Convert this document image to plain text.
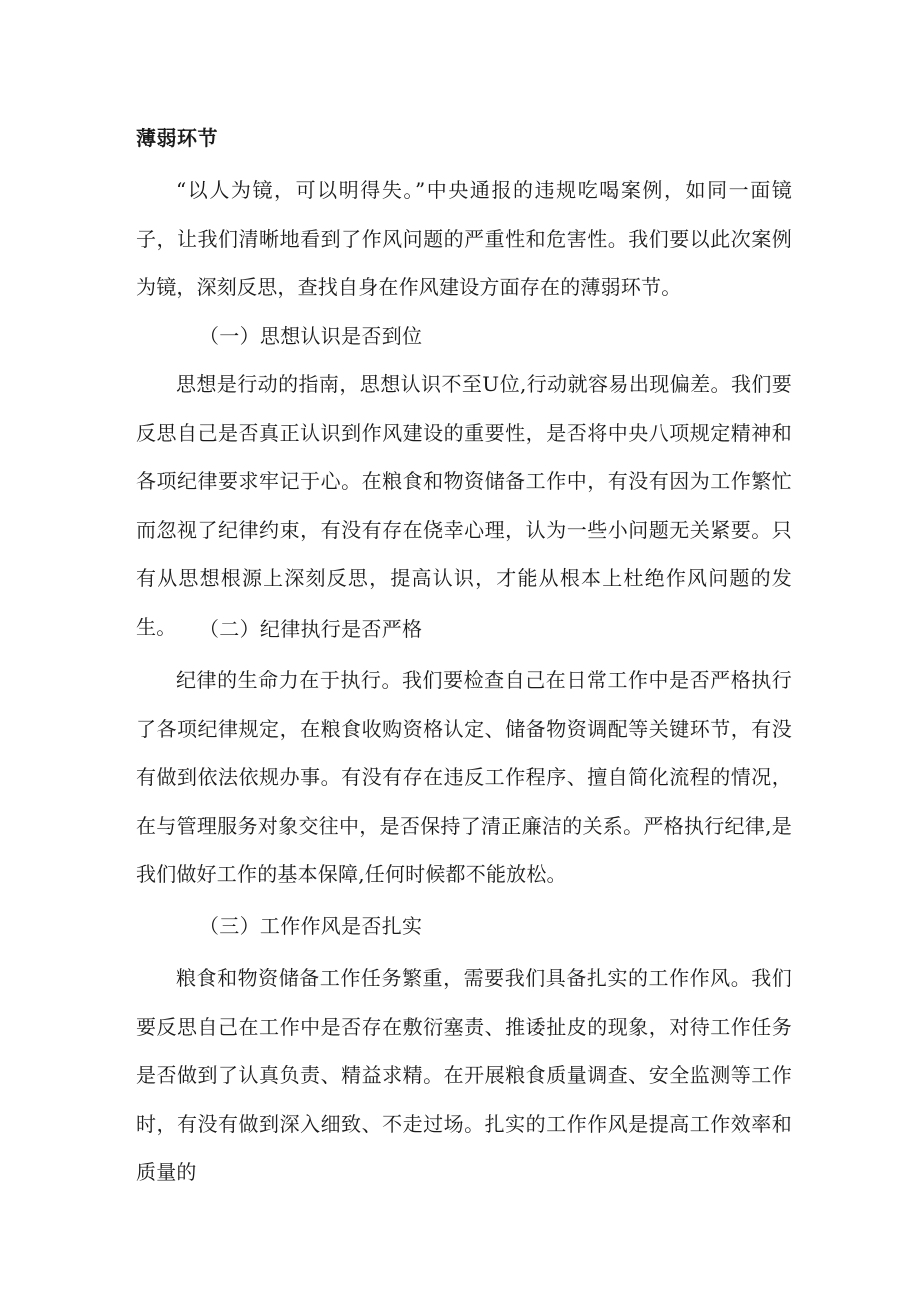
薄弱环节

“以人为镜，可以明得失。”中央通报的违规吃喝案例，如同一面镜子，让我们清晰地看到了作风问题的严重性和危害性。我们要以此次案例为镜，深刻反思，查找自身在作风建设方面存在的薄弱环节。

（一）思想认识是否到位

思想是行动的指南，思想认识不至U位,行动就容易出现偏差。我们要反思自己是否真正认识到作风建设的重要性，是否将中央八项规定精神和各项纪律要求牢记于心。在粮食和物资储备工作中，有没有因为工作繁忙而忽视了纪律约束，有没有存在侥幸心理，认为一些小问题无关紧要。只有从思想根源上深刻反思，提高认识，才能从根本上杜绝作风问题的发生。	（二）纪律执行是否严格

纪律的生命力在于执行。我们要检查自己在日常工作中是否严格执行了各项纪律规定，在粮食收购资格认定、储备物资调配等关键环节，有没有做到依法依规办事。有没有存在违反工作程序、擅自简化流程的情况，在与管理服务对象交往中，是否保持了清正廉洁的关系。严格执行纪律,是我们做好工作的基本保障,任何时候都不能放松。

（三）工作作风是否扎实

粮食和物资储备工作任务繁重，需要我们具备扎实的工作作风。我们要反思自己在工作中是否存在敷衍塞责、推诿扯皮的现象，对待工作任务是否做到了认真负责、精益求精。在开展粮食质量调查、安全监测等工作时，有没有做到深入细致、不走过场。扎实的工作作风是提高工作效率和质量的
